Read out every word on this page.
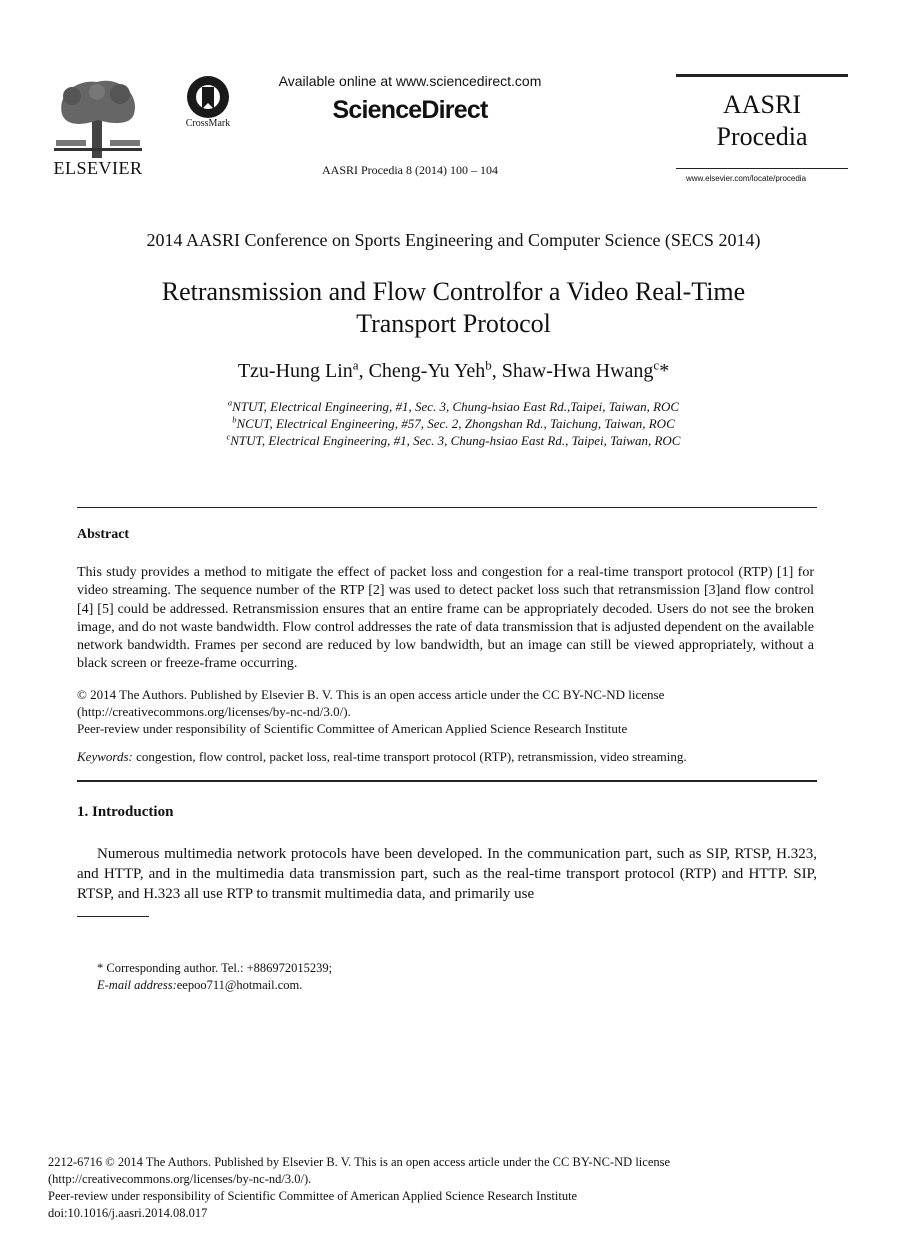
ELSEVIER
CrossMark
Available online at www.sciencedirect.com
ScienceDirect
AASRI Procedia 8 (2014) 100 – 104
AASRI
Procedia
www.elsevier.com/locate/procedia
2014 AASRI Conference on Sports Engineering and Computer Science (SECS 2014)
Retransmission and Flow Controlfor a Video Real-Time
Transport Protocol
Tzu-Hung Lin$^a$, Cheng-Yu Yeh$^b$, Shaw-Hwa Hwang$^c$*
$^a$NTUT, Electrical Engineering, #1, Sec. 3, Chung-hsiao East Rd.,Taipei, Taiwan, ROC
$^b$NCUT, Electrical Engineering, #57, Sec. 2, Zhongshan Rd., Taichung, Taiwan, ROC
$^c$NTUT, Electrical Engineering, #1, Sec. 3, Chung-hsiao East Rd., Taipei, Taiwan, ROC
Abstract

This study provides a method to mitigate the effect of packet loss and congestion for a real-time transport protocol (RTP) [1] for video streaming. The sequence number of the RTP [2] was used to detect packet loss such that retransmission [3]and flow control [4] [5] could be addressed. Retransmission ensures that an entire frame can be appropriately decoded. Users do not see the broken image, and do not waste bandwidth. Flow control addresses the rate of data transmission that is adjusted dependent on the available network bandwidth. Frames per second are reduced by low bandwidth, but an image can still be viewed appropriately, without a black screen or freeze-frame occurring.

© 2014 The Authors. Published by Elsevier B. V. This is an open access article under the CC BY-NC-ND license
(http://creativecommons.org/licenses/by-nc-nd/3.0/).
Peer-review under responsibility of Scientific Committee of American Applied Science Research Institute
Keywords: congestion, flow control, packet loss, real-time transport protocol (RTP), retransmission, video streaming.
1. Introduction

Numerous multimedia network protocols have been developed. In the communication part, such as SIP, RTSP, H.323, and HTTP, and in the multimedia data transmission part, such as the real-time transport protocol (RTP) and HTTP. SIP, RTSP, and H.323 all use RTP to transmit multimedia data, and primarily use

* Corresponding author. Tel.: +886972015239;
E-mail address:eepoo711@hotmail.com.
2212-6716 © 2014 The Authors. Published by Elsevier B. V. This is an open access article under the CC BY-NC-ND license
(http://creativecommons.org/licenses/by-nc-nd/3.0/).
Peer-review under responsibility of Scientific Committee of American Applied Science Research Institute
doi:10.1016/j.aasri.2014.08.017
